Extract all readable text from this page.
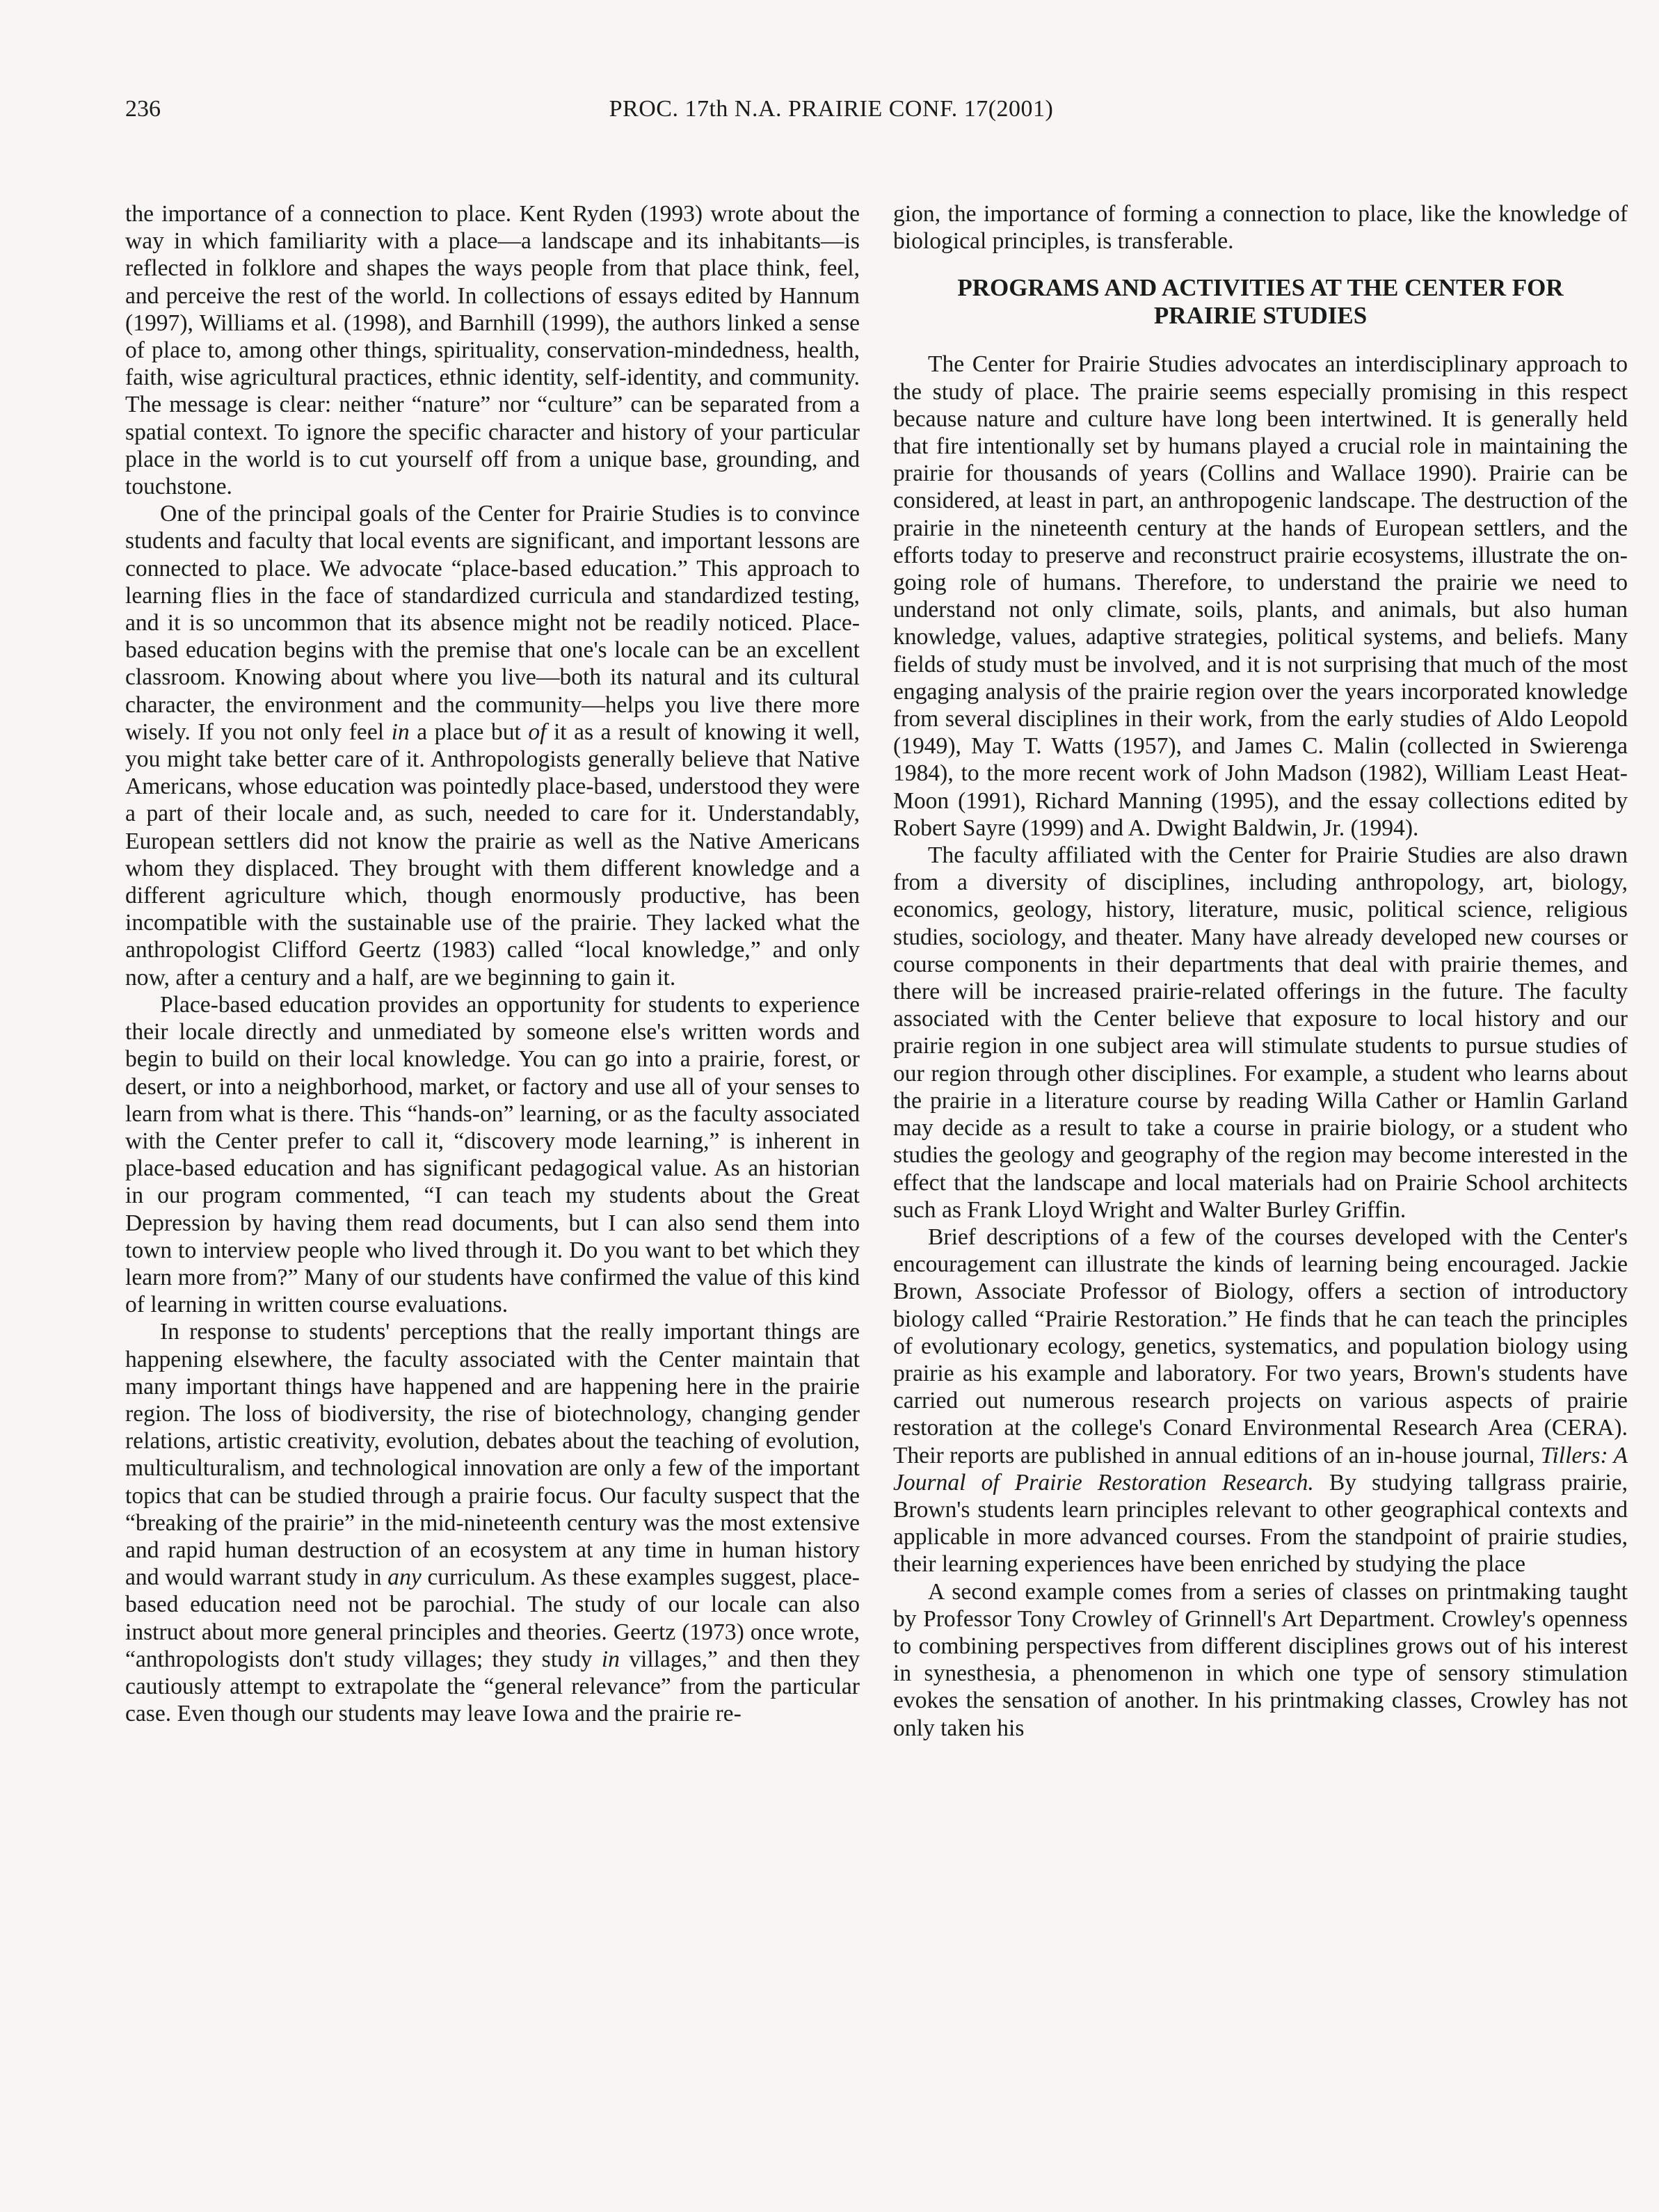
236	PROC. 17th N.A. PRAIRIE CONF. 17(2001)

the importance of a connection to place. Kent Ryden (1993) wrote about the way in which familiarity with a place—a landscape and its inhabitants—is reflected in folklore and shapes the ways people from that place think, feel, and perceive the rest of the world. In collections of essays edited by Hannum (1997), Williams et al. (1998), and Barnhill (1999), the authors linked a sense of place to, among other things, spirituality, conservation-mindedness, health, faith, wise agricultural practices, ethnic identity, self-identity, and community. The message is clear: neither “nature” nor “culture” can be separated from a spatial context. To ignore the specific character and history of your particular place in the world is to cut yourself off from a unique base, grounding, and touchstone.

One of the principal goals of the Center for Prairie Studies is to convince students and faculty that local events are significant, and important lessons are connected to place. We advocate “place-based education.” This approach to learning flies in the face of standardized curricula and standardized testing, and it is so uncommon that its absence might not be readily noticed. Place-based education begins with the premise that one's locale can be an excellent classroom. Knowing about where you live—both its natural and its cultural character, the environment and the community—helps you live there more wisely. If you not only feel in a place but of it as a result of knowing it well, you might take better care of it. Anthropologists generally believe that Native Americans, whose education was pointedly place-based, understood they were a part of their locale and, as such, needed to care for it. Understandably, European settlers did not know the prairie as well as the Native Americans whom they displaced. They brought with them different knowledge and a different agriculture which, though enormously productive, has been incompatible with the sustainable use of the prairie. They lacked what the anthropologist Clifford Geertz (1983) called “local knowledge,” and only now, after a century and a half, are we beginning to gain it.

Place-based education provides an opportunity for students to experience their locale directly and unmediated by someone else's written words and begin to build on their local knowledge. You can go into a prairie, forest, or desert, or into a neighborhood, market, or factory and use all of your senses to learn from what is there. This “hands-on” learning, or as the faculty associated with the Center prefer to call it, “discovery mode learning,” is inherent in place-based education and has significant pedagogical value. As an historian in our program commented, “I can teach my students about the Great Depression by having them read documents, but I can also send them into town to interview people who lived through it. Do you want to bet which they learn more from?” Many of our students have confirmed the value of this kind of learning in written course evaluations.

In response to students' perceptions that the really important things are happening elsewhere, the faculty associated with the Center maintain that many important things have happened and are happening here in the prairie region. The loss of biodiversity, the rise of biotechnology, changing gender relations, artistic creativity, evolution, debates about the teaching of evolution, multiculturalism, and technological innovation are only a few of the important topics that can be studied through a prairie focus. Our faculty suspect that the “breaking of the prairie” in the mid-nineteenth century was the most extensive and rapid human destruction of an ecosystem at any time in human history and would warrant study in any curriculum. As these examples suggest, place-based education need not be parochial. The study of our locale can also instruct about more general principles and theories. Geertz (1973) once wrote, “anthropologists don't study villages; they study in villages,” and then they cautiously attempt to extrapolate the “general relevance” from the particular case. Even though our students may leave Iowa and the prairie re-

gion, the importance of forming a connection to place, like the knowledge of biological principles, is transferable.

PROGRAMS AND ACTIVITIES AT THE CENTER FOR
PRAIRIE STUDIES

The Center for Prairie Studies advocates an interdisciplinary approach to the study of place. The prairie seems especially promising in this respect because nature and culture have long been intertwined. It is generally held that fire intentionally set by humans played a crucial role in maintaining the prairie for thousands of years (Collins and Wallace 1990). Prairie can be considered, at least in part, an anthropogenic landscape. The destruction of the prairie in the nineteenth century at the hands of European settlers, and the efforts today to preserve and reconstruct prairie ecosystems, illustrate the on-going role of humans. Therefore, to understand the prairie we need to understand not only climate, soils, plants, and animals, but also human knowledge, values, adaptive strategies, political systems, and beliefs. Many fields of study must be involved, and it is not surprising that much of the most engaging analysis of the prairie region over the years incorporated knowledge from several disciplines in their work, from the early studies of Aldo Leopold (1949), May T. Watts (1957), and James C. Malin (collected in Swierenga 1984), to the more recent work of John Madson (1982), William Least Heat-Moon (1991), Richard Manning (1995), and the essay collections edited by Robert Sayre (1999) and A. Dwight Baldwin, Jr. (1994).

The faculty affiliated with the Center for Prairie Studies are also drawn from a diversity of disciplines, including anthropology, art, biology, economics, geology, history, literature, music, political science, religious studies, sociology, and theater. Many have already developed new courses or course components in their departments that deal with prairie themes, and there will be increased prairie-related offerings in the future. The faculty associated with the Center believe that exposure to local history and our prairie region in one subject area will stimulate students to pursue studies of our region through other disciplines. For example, a student who learns about the prairie in a literature course by reading Willa Cather or Hamlin Garland may decide as a result to take a course in prairie biology, or a student who studies the geology and geography of the region may become interested in the effect that the landscape and local materials had on Prairie School architects such as Frank Lloyd Wright and Walter Burley Griffin.

Brief descriptions of a few of the courses developed with the Center's encouragement can illustrate the kinds of learning being encouraged. Jackie Brown, Associate Professor of Biology, offers a section of introductory biology called “Prairie Restoration.” He finds that he can teach the principles of evolutionary ecology, genetics, systematics, and population biology using prairie as his example and laboratory. For two years, Brown's students have carried out numerous research projects on various aspects of prairie restoration at the college's Conard Environmental Research Area (CERA). Their reports are published in annual editions of an in-house journal, Tillers: A Journal of Prairie Restoration Research. By studying tallgrass prairie, Brown's students learn principles relevant to other geographical contexts and applicable in more advanced courses. From the standpoint of prairie studies, their learning experiences have been enriched by studying the place

A second example comes from a series of classes on printmaking taught by Professor Tony Crowley of Grinnell's Art Department. Crowley's openness to combining perspectives from different disciplines grows out of his interest in synesthesia, a phenomenon in which one type of sensory stimulation evokes the sensation of another. In his printmaking classes, Crowley has not only taken his
